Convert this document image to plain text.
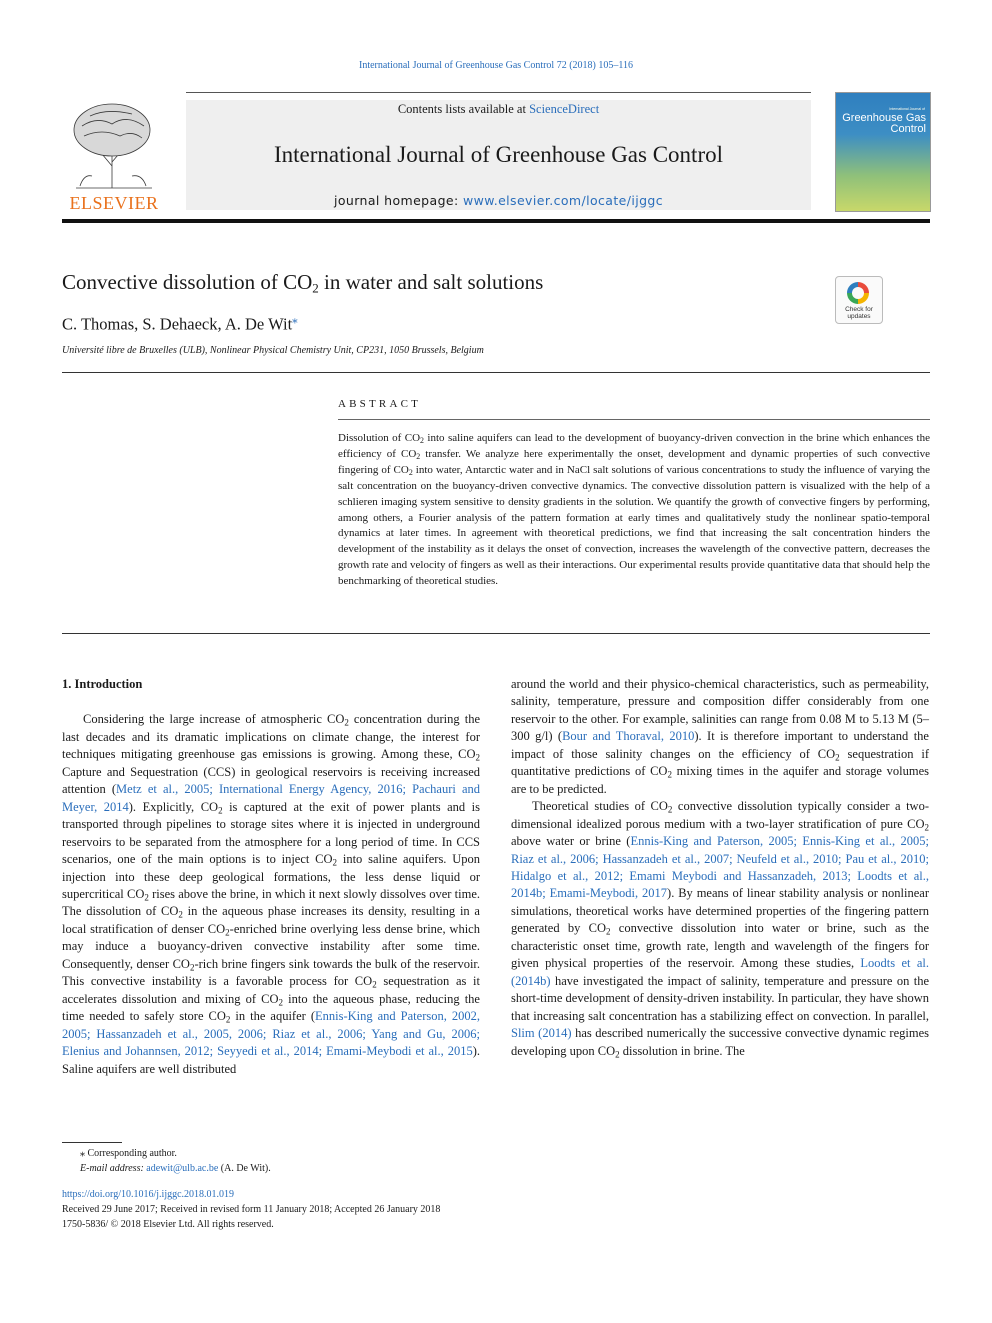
International Journal of Greenhouse Gas Control 72 (2018) 105–116
ELSEVIER
Contents lists available at ScienceDirect
International Journal of Greenhouse Gas Control
journal homepage: www.elsevier.com/locate/ijggc
International Journal of
Greenhouse Gas Control
Convective dissolution of $CO_2$ in water and salt solutions
Check for updates
C. Thomas, S. Dehaeck, A. De Wit⁎
Université libre de Bruxelles (ULB), Nonlinear Physical Chemistry Unit, CP231, 1050 Brussels, Belgium
ABSTRACT
Dissolution of $CO_2$ into saline aquifers can lead to the development of buoyancy-driven convection in the brine which enhances the efficiency of $CO_2$ transfer. We analyze here experimentally the onset, development and dynamic properties of such convective fingering of $CO_2$ into water, Antarctic water and in NaCl salt solutions of various concentrations to study the influence of varying the salt concentration on the buoyancy-driven convective dynamics. The convective dissolution pattern is visualized with the help of a schlieren imaging system sensitive to density gradients in the solution. We quantify the growth of convective fingers by performing, among others, a Fourier analysis of the pattern formation at early times and qualitatively study the nonlinear spatio-temporal dynamics at later times. In agreement with theoretical predictions, we find that increasing the salt concentration hinders the development of the instability as it delays the onset of convection, increases the wavelength of the convective pattern, decreases the growth rate and velocity of fingers as well as their interactions. Our experimental results provide quantitative data that should help the benchmarking of theoretical studies.

1. Introduction

Considering the large increase of atmospheric $CO_2$ concentration during the last decades and its dramatic implications on climate change, the interest for techniques mitigating greenhouse gas emissions is growing. Among these, $CO_2$ Capture and Sequestration (CCS) in geological reservoirs is receiving increased attention (Metz et al., 2005; International Energy Agency, 2016; Pachauri and Meyer, 2014). Explicitly, $CO_2$ is captured at the exit of power plants and is transported through pipelines to storage sites where it is injected in underground reservoirs to be separated from the atmosphere for a long period of time. In CCS scenarios, one of the main options is to inject $CO_2$ into saline aquifers. Upon injection into these deep geological formations, the less dense liquid or supercritical $CO_2$ rises above the brine, in which it next slowly dissolves over time. The dissolution of $CO_2$ in the aqueous phase increases its density, resulting in a local stratification of denser $CO_2$-enriched brine overlying less dense brine, which may induce a buoyancy-driven convective instability after some time. Consequently, denser $CO_2$-rich brine fingers sink towards the bulk of the reservoir. This convective instability is a favorable process for $CO_2$ sequestration as it accelerates dissolution and mixing of $CO_2$ into the aqueous phase, reducing the time needed to safely store $CO_2$ in the aquifer (Ennis-King and Paterson, 2002, 2005; Hassanzadeh et al., 2005, 2006; Riaz et al., 2006; Yang and Gu, 2006; Elenius and Johannsen, 2012; Seyyedi et al., 2014; Emami-Meybodi et al., 2015). Saline aquifers are well distributed

around the world and their physico-chemical characteristics, such as permeability, salinity, temperature, pressure and composition differ considerably from one reservoir to the other. For example, salinities can range from 0.08 M to 5.13 M (5–300 g/l) (Bour and Thoraval, 2010). It is therefore important to understand the impact of those salinity changes on the efficiency of $CO_2$ sequestration if quantitative predictions of $CO_2$ mixing times in the aquifer and storage volumes are to be predicted.

Theoretical studies of $CO_2$ convective dissolution typically consider a two-dimensional idealized porous medium with a two-layer stratification of pure $CO_2$ above water or brine (Ennis-King and Paterson, 2005; Ennis-King et al., 2005; Riaz et al., 2006; Hassanzadeh et al., 2007; Neufeld et al., 2010; Pau et al., 2010; Hidalgo et al., 2012; Emami Meybodi and Hassanzadeh, 2013; Loodts et al., 2014b; Emami-Meybodi, 2017). By means of linear stability analysis or nonlinear simulations, theoretical works have determined properties of the fingering pattern generated by $CO_2$ convective dissolution into water or brine, such as the characteristic onset time, growth rate, length and wavelength of the fingers for given physical properties of the reservoir. Among these studies, Loodts et al. (2014b) have investigated the impact of salinity, temperature and pressure on the short-time development of density-driven instability. In particular, they have shown that increasing salt concentration has a stabilizing effect on convection. In parallel, Slim (2014) has described numerically the successive convective dynamic regimes developing upon $CO_2$ dissolution in brine. The

⁎ Corresponding author.
E-mail address: adewit@ulb.ac.be (A. De Wit).
https://doi.org/10.1016/j.ijggc.2018.01.019
Received 29 June 2017; Received in revised form 11 January 2018; Accepted 26 January 2018
1750-5836/ © 2018 Elsevier Ltd. All rights reserved.
